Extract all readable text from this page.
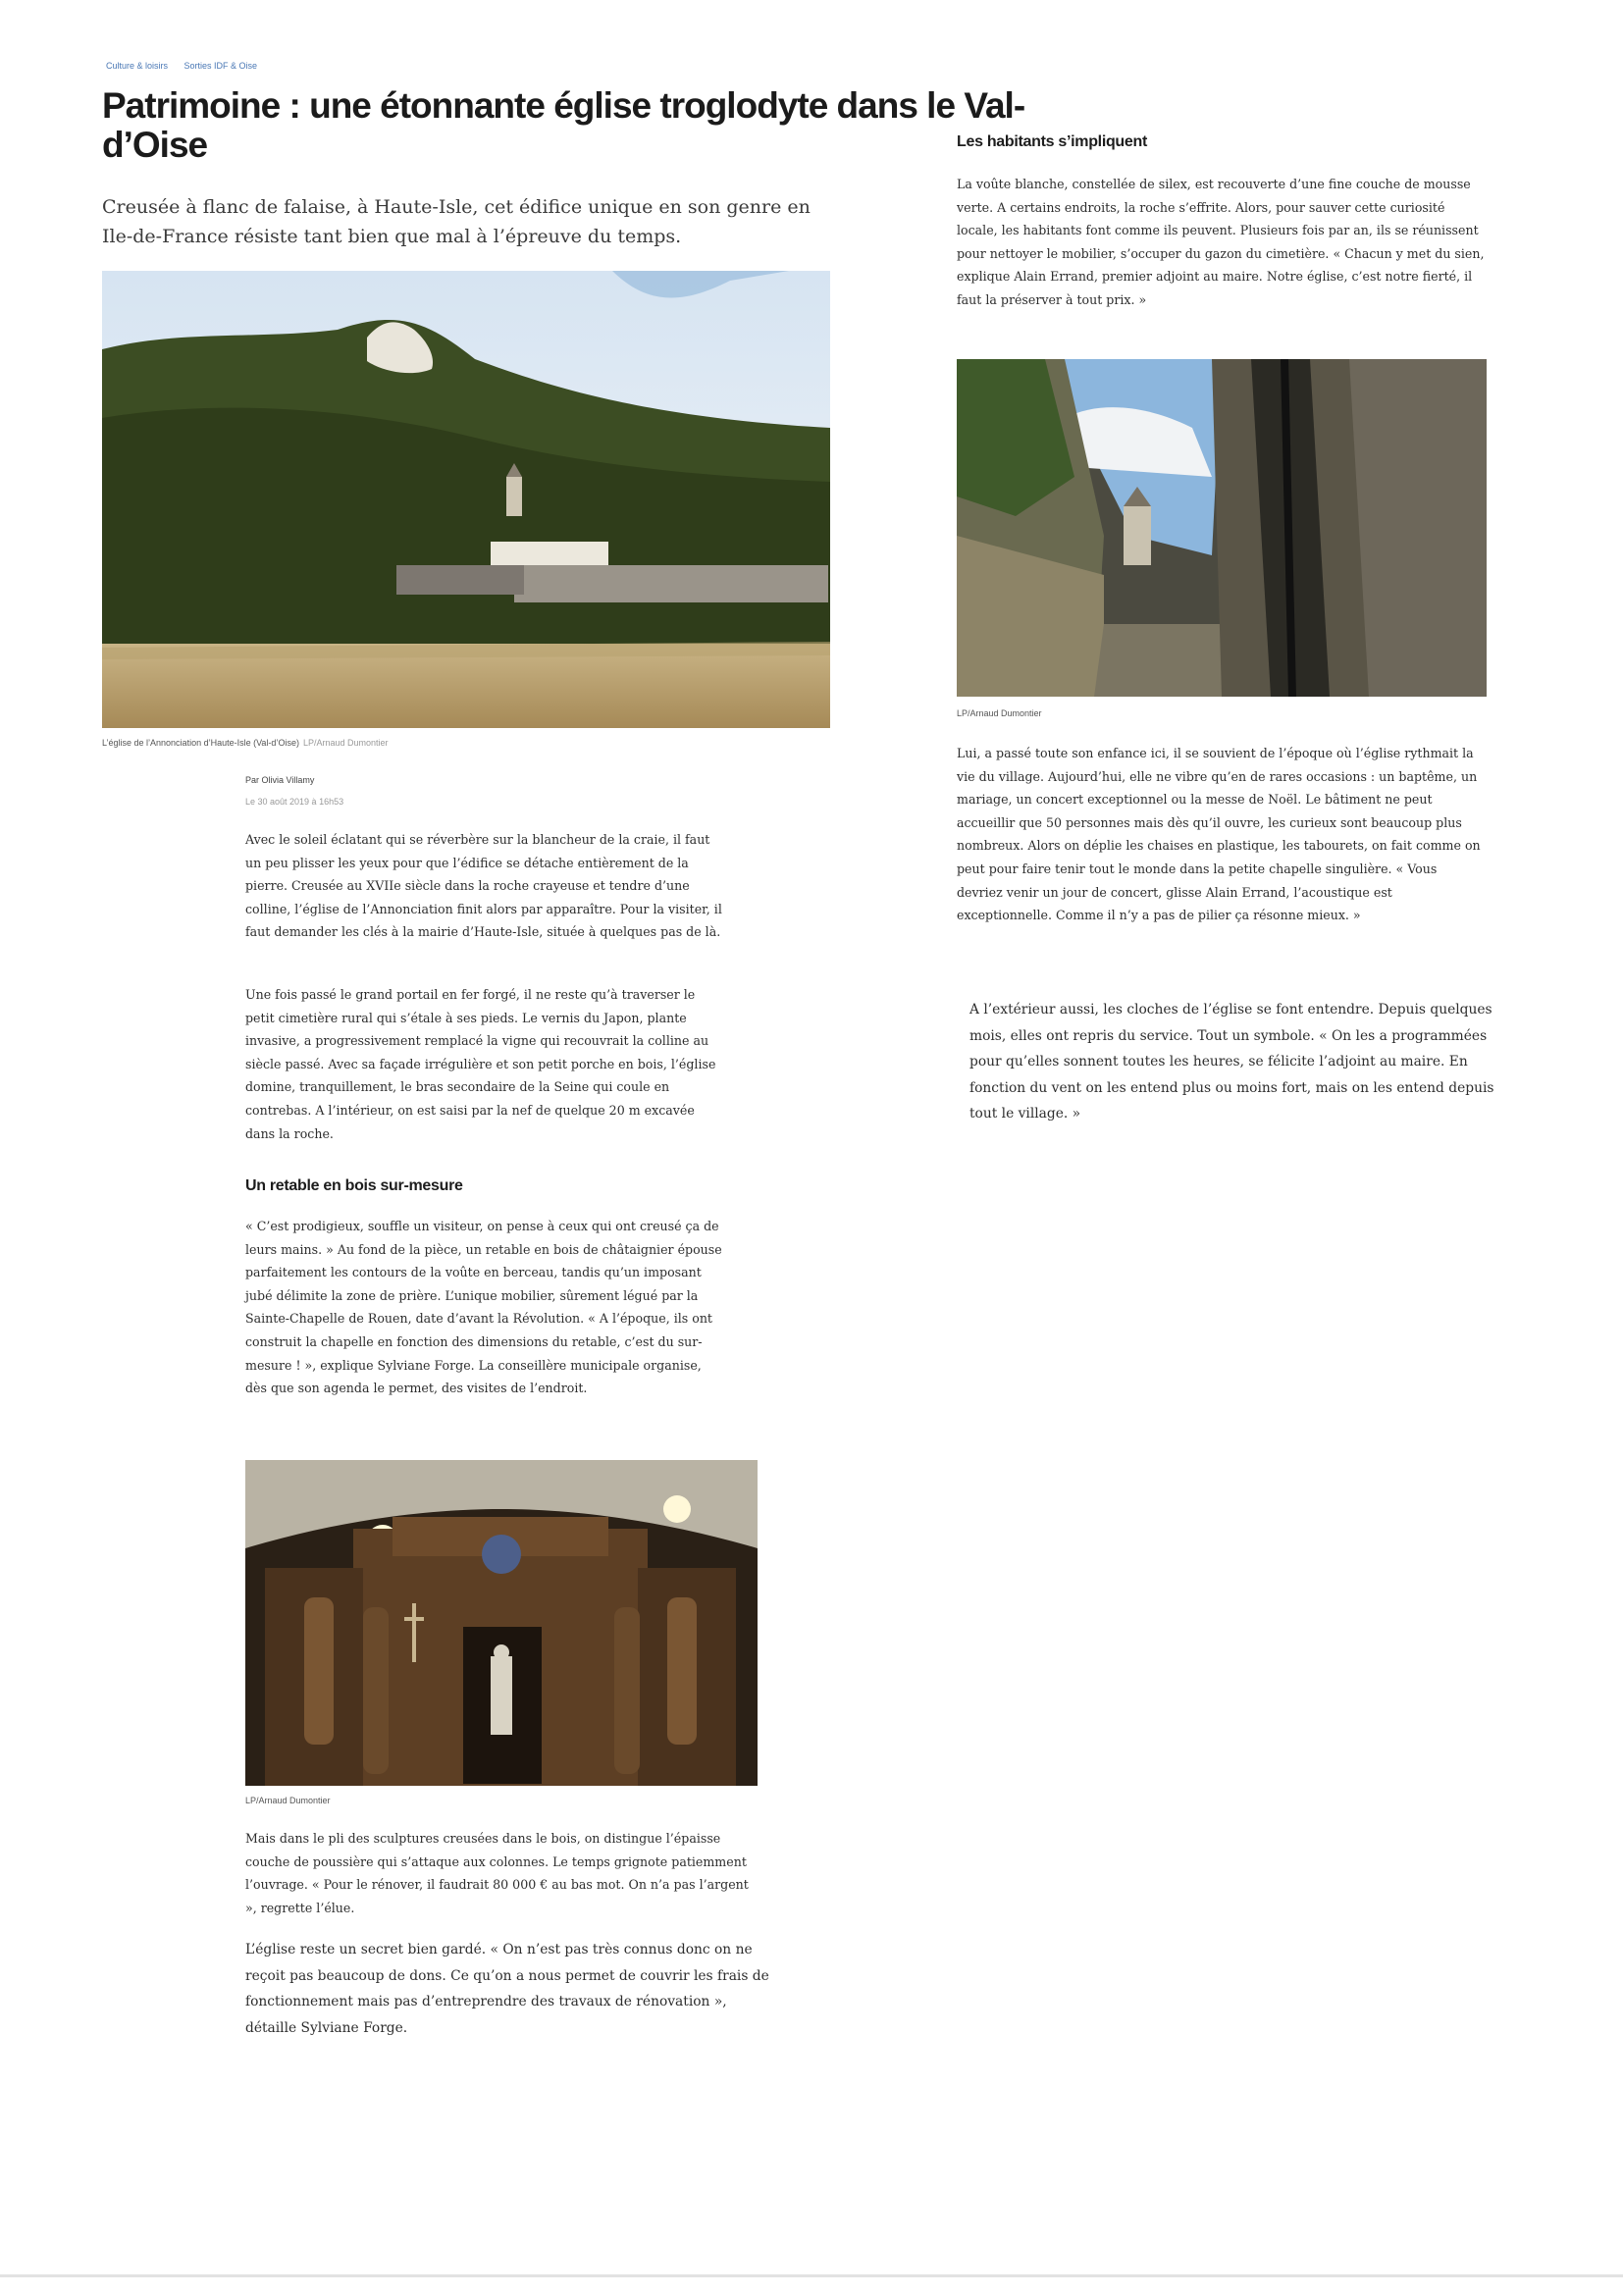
Culture & loisirs Sorties IDF & Oise
Patrimoine : une étonnante église troglodyte dans le Val-
d’Oise
Creusée à flanc de falaise, à Haute-Isle, cet édifice unique en son genre en Ile-de-France résiste tant bien que mal à l’épreuve du temps.
L’église de l’Annonciation d’Haute-Isle (Val-d’Oise) LP/Arnaud Dumontier
Par Olivia Villamy
Le 30 août 2019 à 16h53
Avec le soleil éclatant qui se réverbère sur la blancheur de la craie, il faut un peu plisser les yeux pour que l’édifice se détache entièrement de la pierre. Creusée au XVIIe siècle dans la roche crayeuse et tendre d’une colline, l’église de l’Annonciation finit alors par apparaître. Pour la visiter, il faut demander les clés à la mairie d’Haute-Isle, située à quelques pas de là.
Une fois passé le grand portail en fer forgé, il ne reste qu’à traverser le petit cimetière rural qui s’étale à ses pieds. Le vernis du Japon, plante invasive, a progressivement remplacé la vigne qui recouvrait la colline au siècle passé. Avec sa façade irrégulière et son petit porche en bois, l’église domine, tranquillement, le bras secondaire de la Seine qui coule en contrebas. A l’intérieur, on est saisi par la nef de quelque 20 m excavée dans la roche.
Un retable en bois sur-mesure
« C’est prodigieux, souffle un visiteur, on pense à ceux qui ont creusé ça de leurs mains. » Au fond de la pièce, un retable en bois de châtaignier épouse parfaitement les contours de la voûte en berceau, tandis qu’un imposant jubé délimite la zone de prière. L’unique mobilier, sûrement légué par la Sainte-Chapelle de Rouen, date d’avant la Révolution. « A l’époque, ils ont construit la chapelle en fonction des dimensions du retable, c’est du sur-mesure ! », explique Sylviane Forge. La conseillère municipale organise, dès que son agenda le permet, des visites de l’endroit.
LP/Arnaud Dumontier
Mais dans le pli des sculptures creusées dans le bois, on distingue l’épaisse couche de poussière qui s’attaque aux colonnes. Le temps grignote patiemment l’ouvrage. « Pour le rénover, il faudrait 80 000 € au bas mot. On n’a pas l’argent », regrette l’élue.
L’église reste un secret bien gardé. « On n’est pas très connus donc on ne reçoit pas beaucoup de dons. Ce qu’on a nous permet de couvrir les frais de fonctionnement mais pas d’entreprendre des travaux de rénovation », détaille Sylviane Forge.
Les habitants s’impliquent
La voûte blanche, constellée de silex, est recouverte d’une fine couche de mousse verte. A certains endroits, la roche s’effrite. Alors, pour sauver cette curiosité locale, les habitants font comme ils peuvent. Plusieurs fois par an, ils se réunissent pour nettoyer le mobilier, s’occuper du gazon du cimetière. « Chacun y met du sien, explique Alain Errand, premier adjoint au maire. Notre église, c’est notre fierté, il faut la préserver à tout prix. »
LP/Arnaud Dumontier
Lui, a passé toute son enfance ici, il se souvient de l’époque où l’église rythmait la vie du village. Aujourd’hui, elle ne vibre qu’en de rares occasions : un baptême, un mariage, un concert exceptionnel ou la messe de Noël. Le bâtiment ne peut accueillir que 50 personnes mais dès qu’il ouvre, les curieux sont beaucoup plus nombreux. Alors on déplie les chaises en plastique, les tabourets, on fait comme on peut pour faire tenir tout le monde dans la petite chapelle singulière. « Vous devriez venir un jour de concert, glisse Alain Errand, l’acoustique est exceptionnelle. Comme il n’y a pas de pilier ça résonne mieux. »
A l’extérieur aussi, les cloches de l’église se font entendre. Depuis quelques mois, elles ont repris du service. Tout un symbole. « On les a programmées pour qu’elles sonnent toutes les heures, se félicite l’adjoint au maire. En fonction du vent on les entend plus ou moins fort, mais on les entend depuis tout le village. »
